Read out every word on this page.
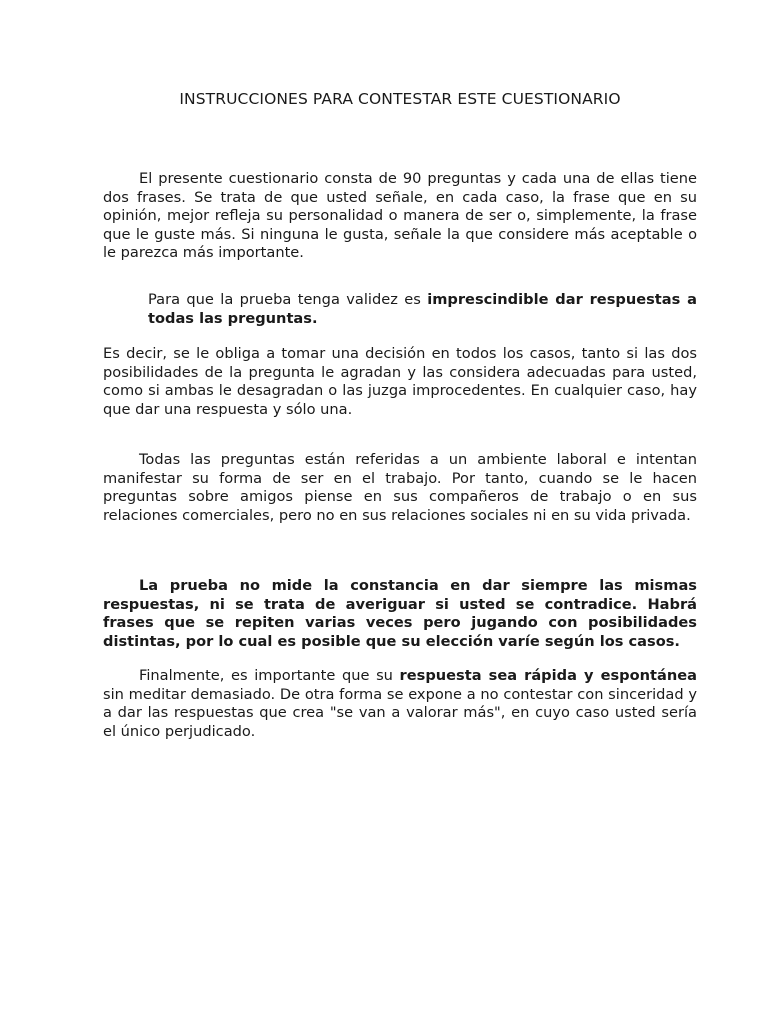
INSTRUCCIONES PARA CONTESTAR ESTE CUESTIONARIO

El presente cuestionario consta de 90 preguntas y cada una de ellas tiene dos frases. Se trata de que usted señale, en cada caso, la frase que en su opinión, mejor refleja su personalidad o manera de ser o, simplemente, la frase que le guste más. Si ninguna le gusta, señale la que considere más aceptable o le parezca más importante.

Para que la prueba tenga validez es imprescindible dar respuestas a todas las preguntas.

Es decir, se le obliga a tomar una decisión en todos los casos, tanto si las dos posibilidades de la pregunta le agradan y las considera adecuadas para usted, como si ambas le desagradan o las juzga improcedentes. En cualquier caso, hay que dar una respuesta y sólo una.

Todas las preguntas están referidas a un ambiente laboral e intentan manifestar su forma de ser en el trabajo. Por tanto, cuando se le hacen preguntas sobre amigos piense en sus compañeros de trabajo o en sus relaciones comerciales, pero no en sus relaciones sociales ni en su vida privada.

La prueba no mide la constancia en dar siempre las mismas respuestas, ni se trata de averiguar si usted se contradice. Habrá frases que se repiten varias veces pero jugando con posibilidades distintas, por lo cual es posible que su elección varíe según los casos.

Finalmente, es importante que su respuesta sea rápida y espontánea sin meditar demasiado. De otra forma se expone a no contestar con sinceridad y a dar las respuestas que crea "se van a valorar más", en cuyo caso usted sería el único perjudicado.
